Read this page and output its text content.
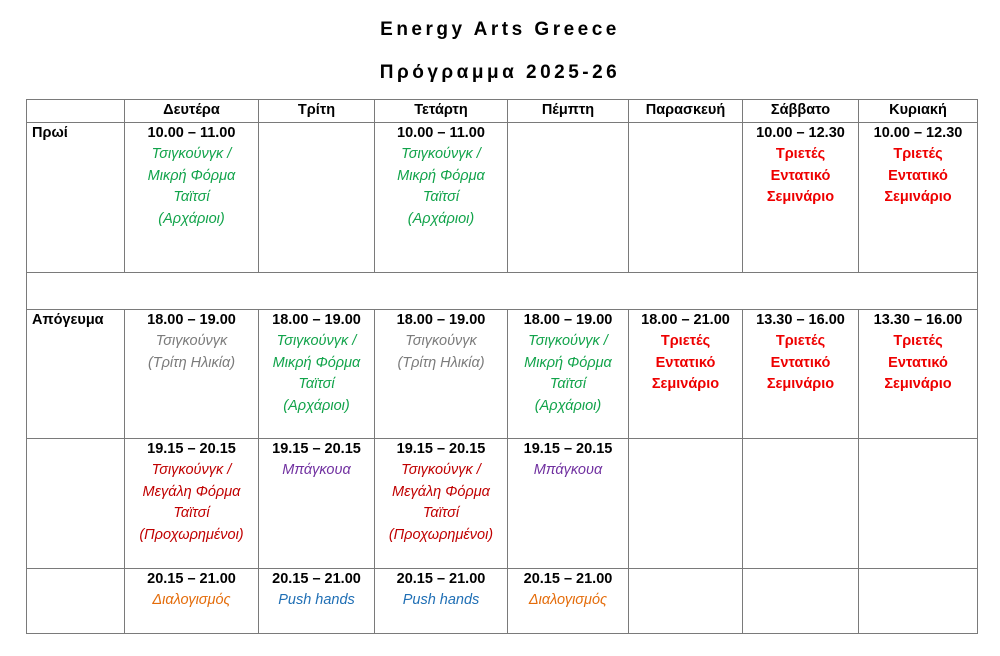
Energy Arts Greece
Πρόγραμμα 2025-26
	Δευτέρα	Τρίτη	Τετάρτη	Πέμπτη	Παρασκευή	Σάββατο	Κυριακή
Πρωί	10.00 – 11.00
Τσιγκούνγκ /
Μικρή Φόρμα
Ταϊτσί
(Αρχάριοι)		10.00 – 11.00
Τσιγκούνγκ /
Μικρή Φόρμα
Ταϊτσί
(Αρχάριοι)			10.00 – 12.30
Τριετές
Εντατικό
Σεμινάριο	10.00 – 12.30
Τριετές
Εντατικό
Σεμινάριο

Απόγευμα	18.00 – 19.00
Τσιγκούνγκ
(Τρίτη Ηλικία)	18.00 – 19.00
Τσιγκούνγκ /
Μικρή Φόρμα
Ταϊτσί
(Αρχάριοι)	18.00 – 19.00
Τσιγκούνγκ
(Τρίτη Ηλικία)	18.00 – 19.00
Τσιγκούνγκ /
Μικρή Φόρμα
Ταϊτσί
(Αρχάριοι)	18.00 – 21.00
Τριετές
Εντατικό
Σεμινάριο	13.30 – 16.00
Τριετές
Εντατικό
Σεμινάριο	13.30 – 16.00
Τριετές
Εντατικό
Σεμινάριο

	19.15 – 20.15
Τσιγκούνγκ /
Μεγάλη Φόρμα
Ταϊτσί
(Προχωρημένοι)	19.15 – 20.15
Μπάγκουα	19.15 – 20.15
Τσιγκούνγκ /
Μεγάλη Φόρμα
Ταϊτσί
(Προχωρημένοι)	19.15 – 20.15
Μπάγκουα			

	20.15 – 21.00
Διαλογισμός	20.15 – 21.00
Push hands	20.15 – 21.00
Push hands	20.15 – 21.00
Διαλογισμός			
